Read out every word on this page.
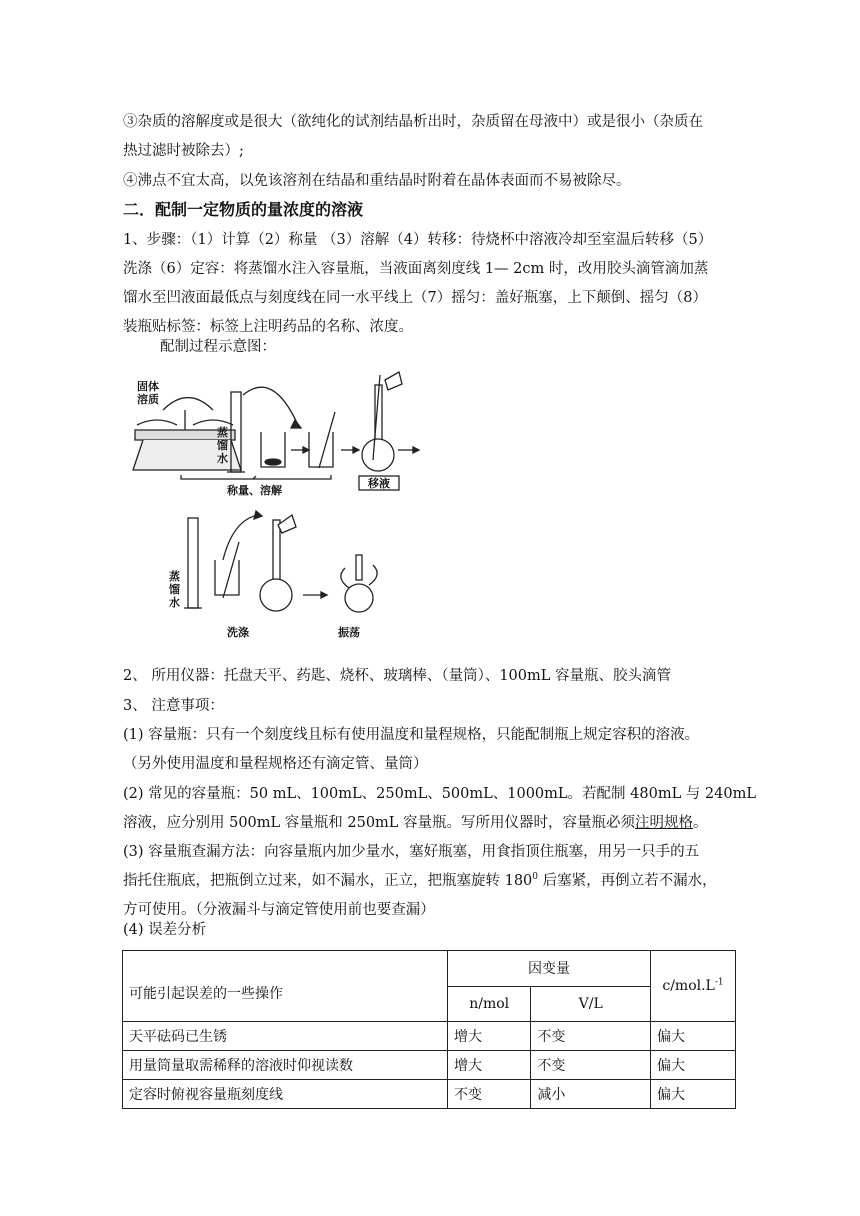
③杂质的溶解度或是很大（欲纯化的试剂结晶析出时，杂质留在母液中）或是很小（杂质在
热过滤时被除去）;
④沸点不宜太高，以免该溶剂在结晶和重结晶时附着在晶体表面而不易被除尽。
二．配制一定物质的量浓度的溶液
1、步骤：（1）计算（2）称量 （3）溶解（4）转移：待烧杯中溶液冷却至室温后转移（5）
洗涤（6）定容：将蒸馏水注入容量瓶，当液面离刻度线 1— 2cm 时，改用胶头滴管滴加蒸
馏水至凹液面最低点与刻度线在同一水平线上（7）摇匀：盖好瓶塞，上下颠倒、摇匀（8）
装瓶贴标签：标签上注明药品的名称、浓度。
配制过程示意图：
固体
溶质
蒸
馏
水
称量、溶解
移液
蒸
馏
水
洗涤	振荡
2、 所用仪器：托盘天平、药匙、烧杯、玻璃棒、（量筒）、100mL 容量瓶、胶头滴管
3、 注意事项：
(1) 容量瓶：只有一个刻度线且标有使用温度和量程规格，只能配制瓶上规定容积的溶液。
（另外使用温度和量程规格还有滴定管、量筒）
(2) 常见的容量瓶：50 mL、100mL、250mL、500mL、1000mL。若配制 480mL 与 240mL
溶液，应分别用 500mL 容量瓶和 250mL 容量瓶。写所用仪器时，容量瓶必须注明规格。
(3) 容量瓶查漏方法：向容量瓶内加少量水，塞好瓶塞，用食指顶住瓶塞，用另一只手的五
指托住瓶底，把瓶倒立过来，如不漏水，正立，把瓶塞旋转 $180^0$ 后塞紧，再倒立若不漏水，
方可使用。（分液漏斗与滴定管使用前也要查漏）
(4) 误差分析
可能引起误差的一些操作	因变量		$c/mol.L^{-1}$
	n/mol	V/L	
天平砝码已生锈	增大	不变	偏大
用量筒量取需稀释的溶液时仰视读数	增大	不变	偏大
定容时俯视容量瓶刻度线	不变	减小	偏大
